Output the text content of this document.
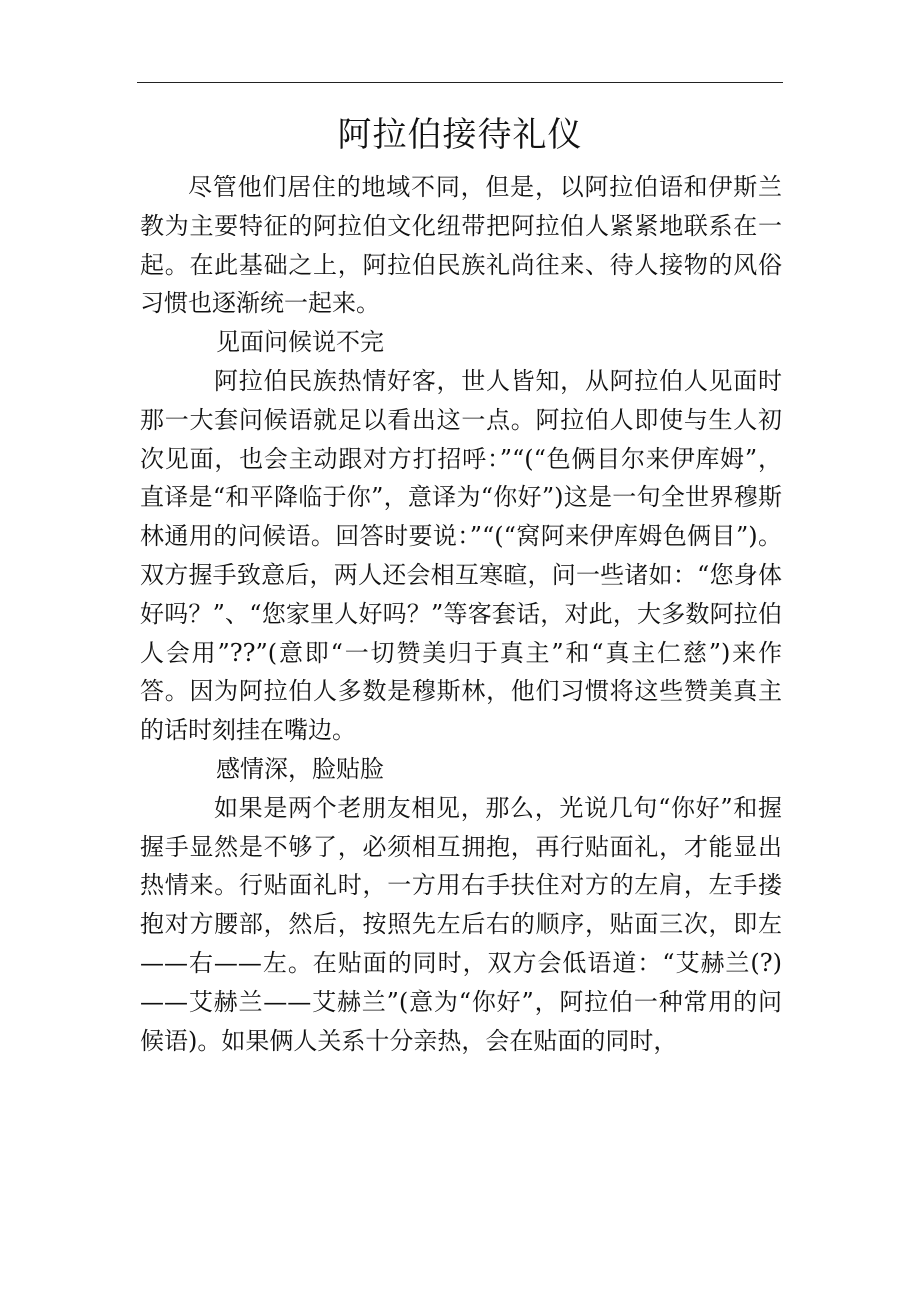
阿拉伯接待礼仪

尽管他们居住的地域不同，但是，以阿拉伯语和伊斯兰教为主要特征的阿拉伯文化纽带把阿拉伯人紧紧地联系在一起。在此基础之上，阿拉伯民族礼尚往来、待人接物的风俗习惯也逐渐统一起来。

见面问候说不完

阿拉伯民族热情好客，世人皆知，从阿拉伯人见面时那一大套问候语就足以看出这一点。阿拉伯人即使与生人初次见面，也会主动跟对方打招呼：”“(“色俩目尔来伊库姆”，直译是“和平降临于你”，意译为“你好”)这是一句全世界穆斯林通用的问候语。回答时要说：”“(“窝阿来伊库姆色俩目”)。双方握手致意后，两人还会相互寒暄，问一些诸如：“您身体好吗？”、“您家里人好吗？”等客套话，对此，大多数阿拉伯人会用”??”(意即“一切赞美归于真主”和“真主仁慈”)来作答。因为阿拉伯人多数是穆斯林，他们习惯将这些赞美真主的话时刻挂在嘴边。

感情深，脸贴脸

如果是两个老朋友相见，那么，光说几句“你好”和握握手显然是不够了，必须相互拥抱，再行贴面礼，才能显出热情来。行贴面礼时，一方用右手扶住对方的左肩，左手搂抱对方腰部，然后，按照先左后右的顺序，贴面三次，即左——右——左。在贴面的同时，双方会低语道：“艾赫兰(?)——艾赫兰——艾赫兰”(意为“你好”，阿拉伯一种常用的问候语)。如果俩人关系十分亲热，会在贴面的同时，
